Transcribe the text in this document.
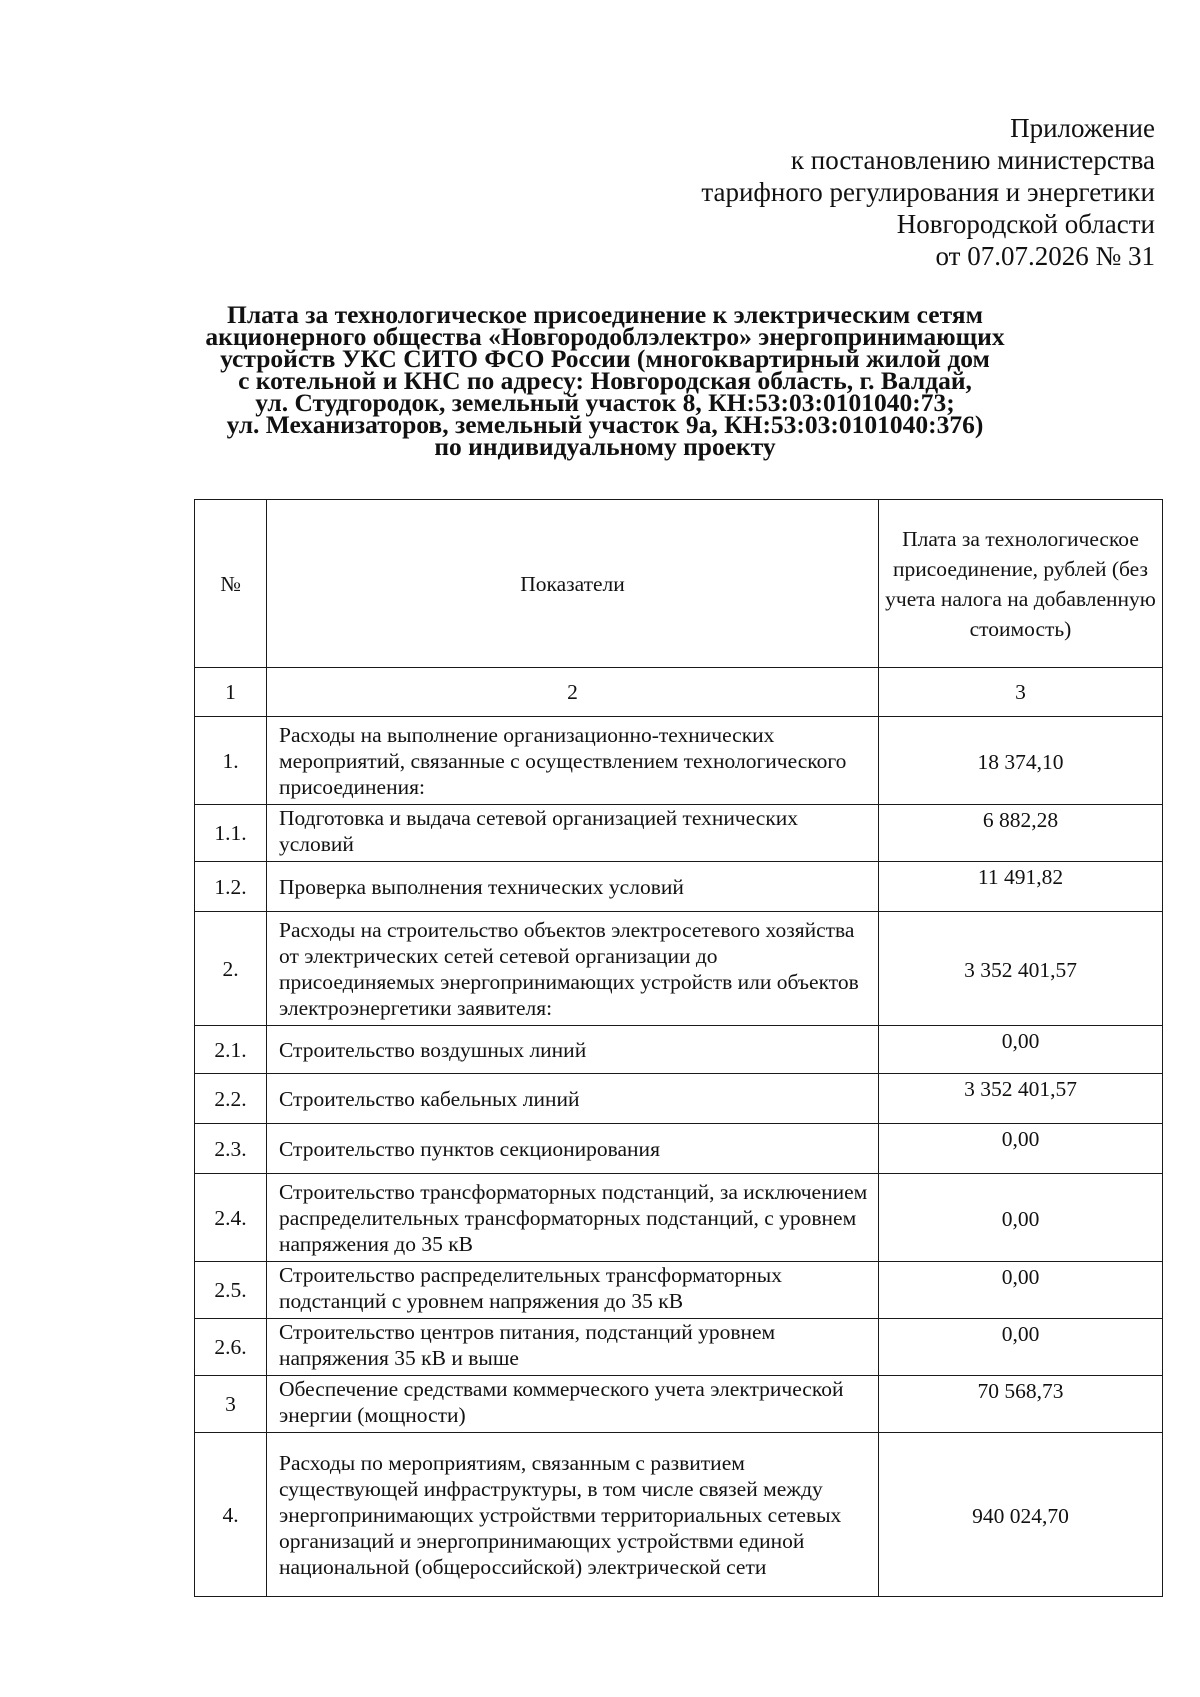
Приложение
к постановлению министерства
тарифного регулирования и энергетики
Новгородской области
от 07.07.2026 № 31
Плата за технологическое присоединение к электрическим сетям
акционерного общества «Новгородоблэлектро» энергопринимающих
устройств УКС СИТО ФСО России (многоквартирный жилой дом
с котельной и КНС по адресу: Новгородская область, г. Валдай,
ул. Студгородок, земельный участок 8, КН:53:03:0101040:73;
ул. Механизаторов, земельный участок 9а, КН:53:03:0101040:376)
по индивидуальному проекту
№	Показатели	Плата за технологическое присоединение, рублей (без учета налога на добавленную стоимость)
1	2	3
1.	Расходы на выполнение организационно-технических мероприятий, связанные с осуществлением технологического присоединения:	18 374,10
1.1.	Подготовка и выдача сетевой организацией технических условий	6 882,28
1.2.	Проверка выполнения технических условий	11 491,82
2.	Расходы на строительство объектов электросетевого хозяйства от электрических сетей сетевой организации до присоединяемых энергопринимающих устройств или объектов электроэнергетики заявителя:	3 352 401,57
2.1.	Строительство воздушных линий	0,00
2.2.	Строительство кабельных линий	3 352 401,57
2.3.	Строительство пунктов секционирования	0,00
2.4.	Строительство трансформаторных подстанций, за исключением распределительных трансформаторных подстанций, с уровнем напряжения до 35 кВ	0,00
2.5.	Строительство распределительных трансформаторных подстанций с уровнем напряжения до 35 кВ	0,00
2.6.	Строительство центров питания, подстанций уровнем напряжения 35 кВ и выше	0,00
3	Обеспечение средствами коммерческого учета электрической энергии (мощности)	70 568,73
4.	Расходы по мероприятиям, связанным с развитием существующей инфраструктуры, в том числе связей между энергопринимающих устройствми территориальных сетевых организаций и энергопринимающих устройствми единой национальной (общероссийской) электрической сети	940 024,70
